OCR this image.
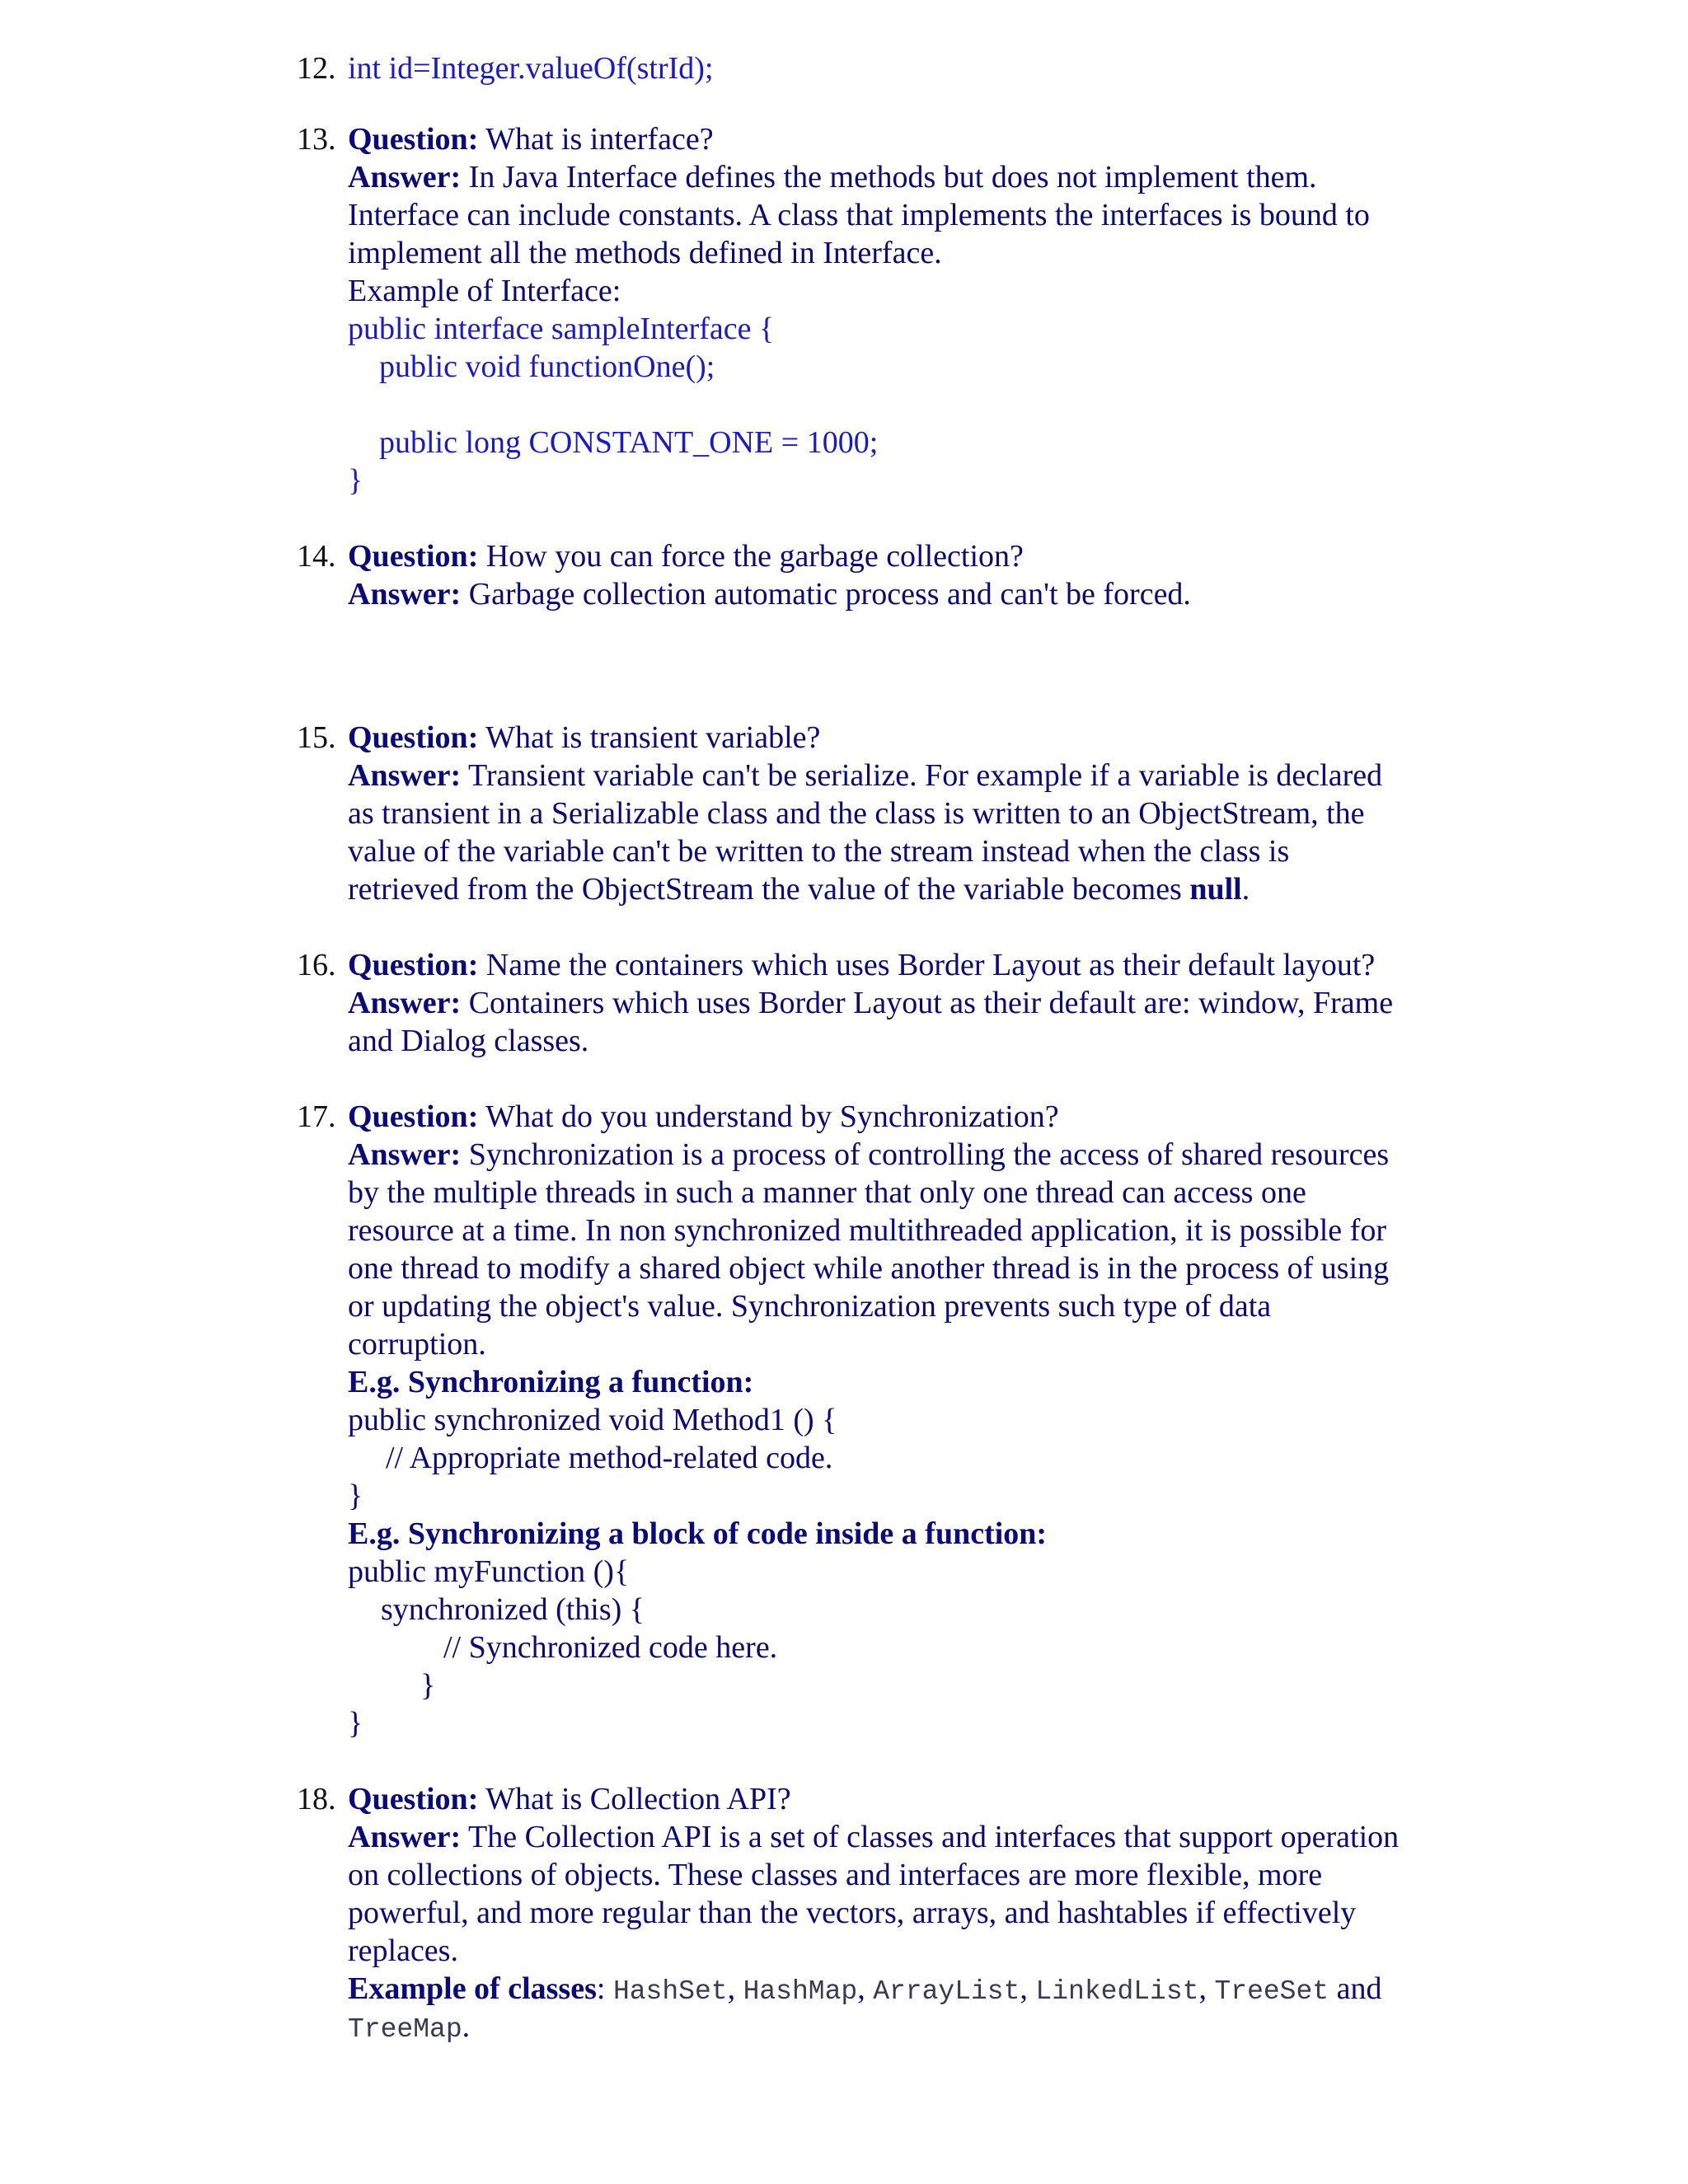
12. int id=Integer.valueOf(strId);
13. Question: What is interface?
Answer: In Java Interface defines the methods but does not implement them.
Interface can include constants. A class that implements the interfaces is bound to
implement all the methods defined in Interface.
Example of Interface:
public interface sampleInterface {
public void functionOne();
public long CONSTANT_ONE = 1000;
}
14. Question: How you can force the garbage collection?
Answer: Garbage collection automatic process and can't be forced.
15. Question: What is transient variable?
Answer: Transient variable can't be serialize. For example if a variable is declared
as transient in a Serializable class and the class is written to an ObjectStream, the
value of the variable can't be written to the stream instead when the class is
retrieved from the ObjectStream the value of the variable becomes null.
16. Question: Name the containers which uses Border Layout as their default layout?
Answer: Containers which uses Border Layout as their default are: window, Frame
and Dialog classes.
17. Question: What do you understand by Synchronization?
Answer: Synchronization is a process of controlling the access of shared resources
by the multiple threads in such a manner that only one thread can access one
resource at a time. In non synchronized multithreaded application, it is possible for
one thread to modify a shared object while another thread is in the process of using
or updating the object's value. Synchronization prevents such type of data
corruption.
E.g. Synchronizing a function:
public synchronized void Method1 () {
// Appropriate method-related code.
}
E.g. Synchronizing a block of code inside a function:
public myFunction (){
synchronized (this) {
// Synchronized code here.
}
}
18. Question: What is Collection API?
Answer: The Collection API is a set of classes and interfaces that support operation
on collections of objects. These classes and interfaces are more flexible, more
powerful, and more regular than the vectors, arrays, and hashtables if effectively
replaces.
Example of classes: HashSet, HashMap, ArrayList, LinkedList, TreeSet and
TreeMap.
